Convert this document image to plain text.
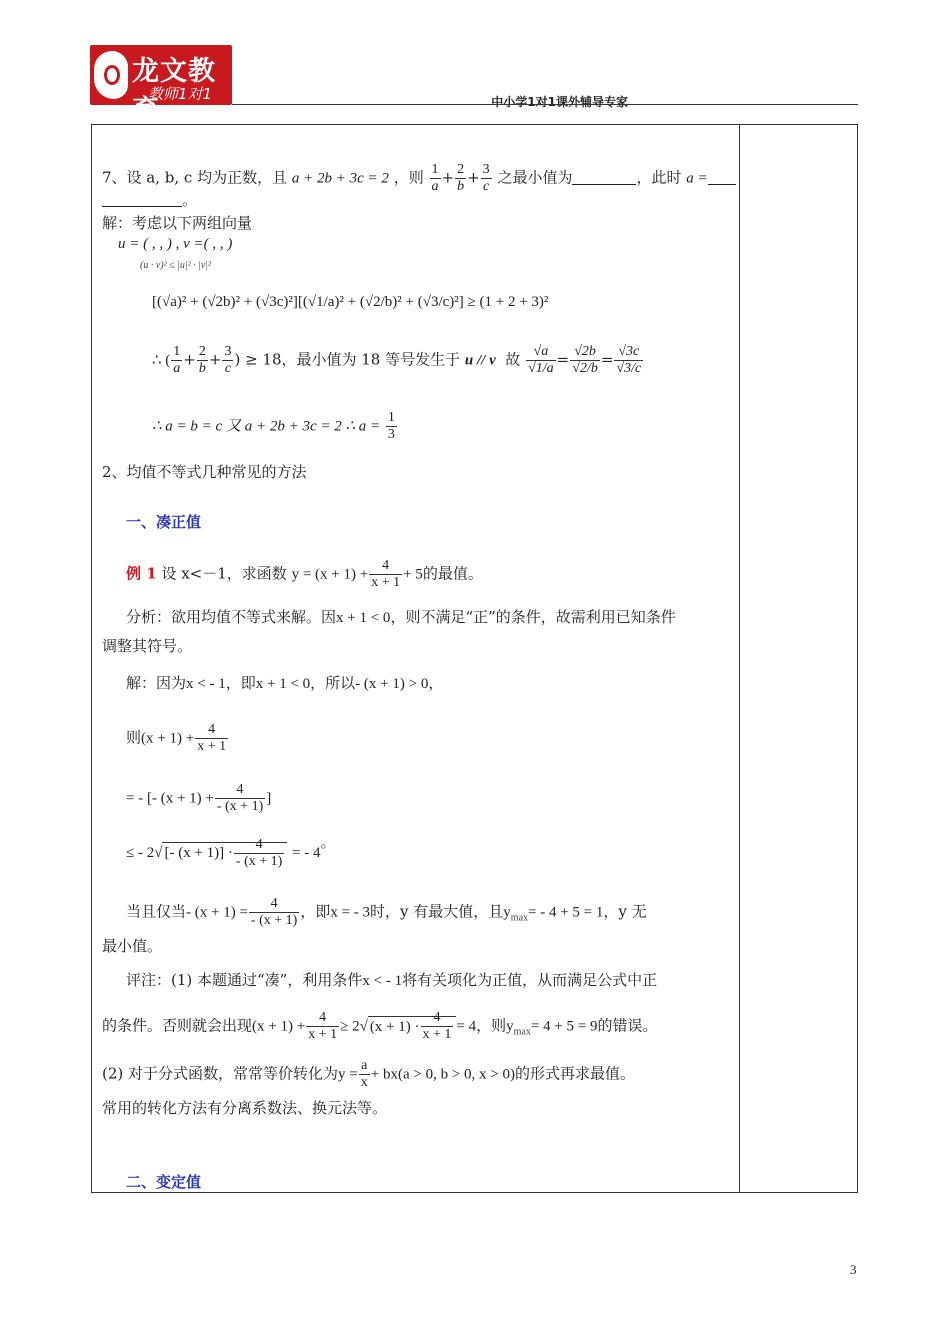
龙文教育
教师1对1	中小学1对1课外辅导专家
7、设 a, b, c 均为正数，且 a + 2b + 3c = 2 ，则 $\frac{1}{a} + \frac{2}{b} + \frac{3}{c}$ 之最小值为	，此时 a =
。
解：考虑以下两组向量
u = ( , , ) , v =( , , )
(u · v)² ≤ |u|² · |v|²
[(√a)² + (√2b)² + (√3c)²][(√1/a)² + (√2/b)² + (√3/c)²] ≥ (1 + 2 + 3)²
∴ ( $\frac{1}{a} + \frac{2}{b} + \frac{3}{c}$ ) ≥ 18，最小值为 18 等号发生于 u // v 故 $\frac{√a}{√1/a} = \frac{√2b}{√2/b} = \frac{√3c}{√3/c}$
∴ a = b = c 又 a + 2b + 3c = 2 ∴ $a = \frac{1}{3}$
2、均值不等式几种常见的方法
一、凑正值
例 1 设 x<－1，求函数 $y = (x + 1) + \frac{4}{x + 1} + 5$的最值。
分析：欲用均值不等式来解。因x + 1 < 0，则不满足“正”的条件，故需利用已知条件
调整其符号。
解：因为x < - 1，即x + 1 < 0，所以- (x + 1) > 0，
则$(x + 1) + \frac{4}{x + 1}$
= - [- $(x + 1) + \frac{4}{- (x + 1)}$ ]
≤ - 2√ [- $(x + 1)] \cdot \frac{4}{- (x + 1)}$ = - 4。
当且仅当- $(x + 1) = \frac{4}{- (x + 1)}$ ，即x = - 3时，y 有最大值，且$y_{max}= - 4 + 5 = 1$，y 无
最小值。
评注：(1) 本题通过“凑”，利用条件x < - 1将有关项化为正值，从而满足公式中正
的条件。否则就会出现$(x + 1) + \frac{4}{x + 1} \ge 2√$ $(x + 1) \cdot \frac{4}{x + 1} = 4$，则$y_{max}= 4 + 5 = 9$的错误。
(2) 对于分式函数，常常等价转化为$y = \frac{a}{x} + bx(a > 0$, b > 0, x > 0)的形式再求最值。
常用的转化方法有分离系数法、换元法等。
二、变定值
3
